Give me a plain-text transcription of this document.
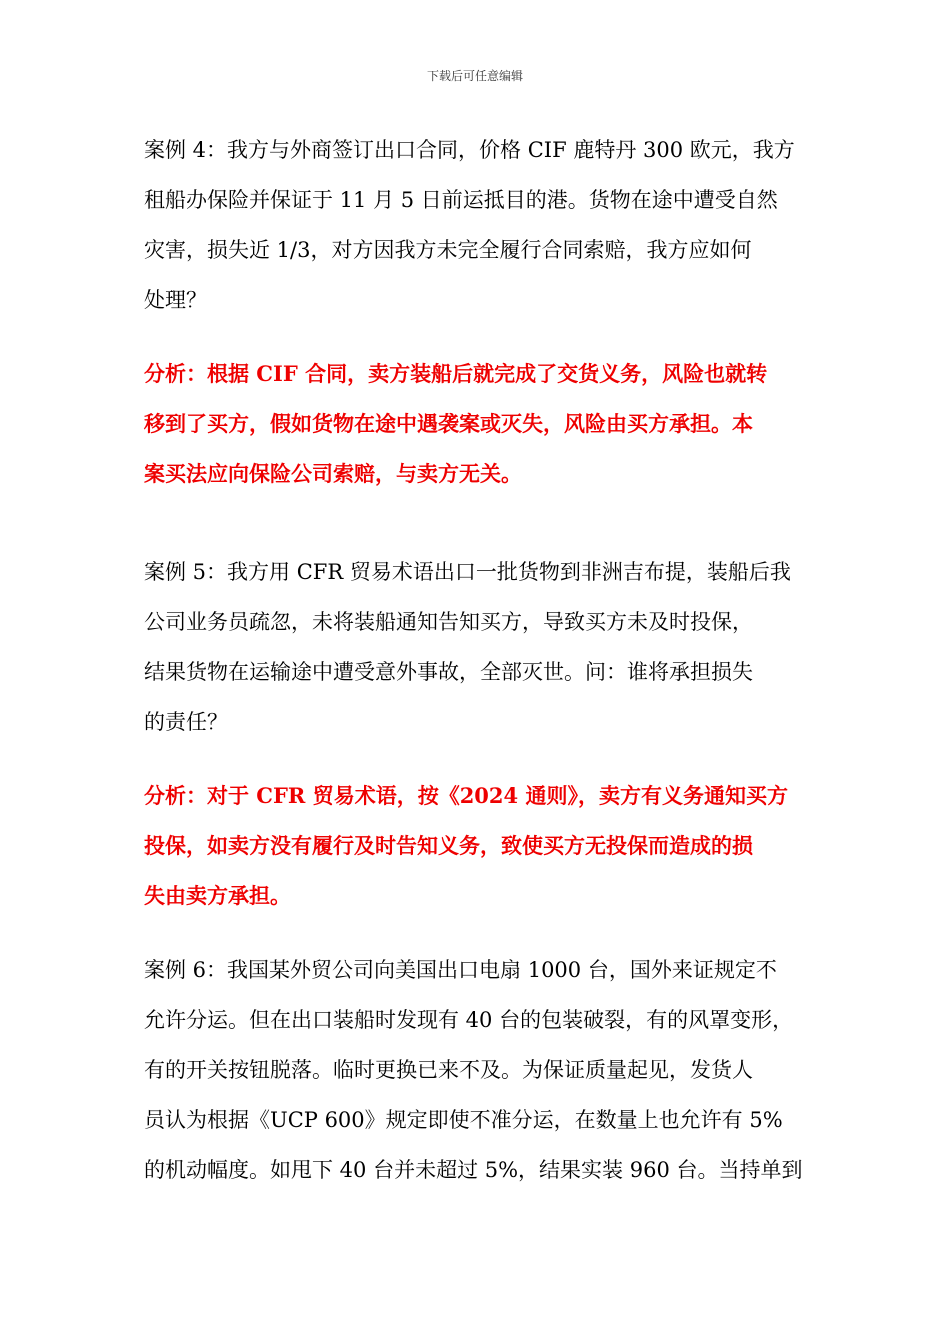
下载后可任意编辑
案例 4：我方与外商签订出口合同，价格 CIF 鹿特丹 300 欧元，我方
租船办保险并保证于 11 月 5 日前运抵目的港。货物在途中遭受自然
灾害，损失近 1/3，对方因我方未完全履行合同索赔，我方应如何
处理？
分析：根据 CIF 合同，卖方装船后就完成了交货义务，风险也就转
移到了买方，假如货物在途中遇袭案或灭失，风险由买方承担。本
案买法应向保险公司索赔，与卖方无关。
案例 5：我方用 CFR 贸易术语出口一批货物到非洲吉布提，装船后我
公司业务员疏忽，未将装船通知告知买方，导致买方未及时投保，
结果货物在运输途中遭受意外事故，全部灭世。问：谁将承担损失
的责任？
分析：对于 CFR 贸易术语，按《2024 通则》，卖方有义务通知买方
投保，如卖方没有履行及时告知义务，致使买方无投保而造成的损
失由卖方承担。
案例 6：我国某外贸公司向美国出口电扇 1000 台，国外来证规定不
允许分运。但在出口装船时发现有 40 台的包装破裂，有的风罩变形，
有的开关按钮脱落。临时更换已来不及。为保证质量起见，发货人
员认为根据《UCP 600》规定即使不准分运，在数量上也允许有 5%
的机动幅度。如甩下 40 台并未超过 5%，结果实装 960 台。当持单到
